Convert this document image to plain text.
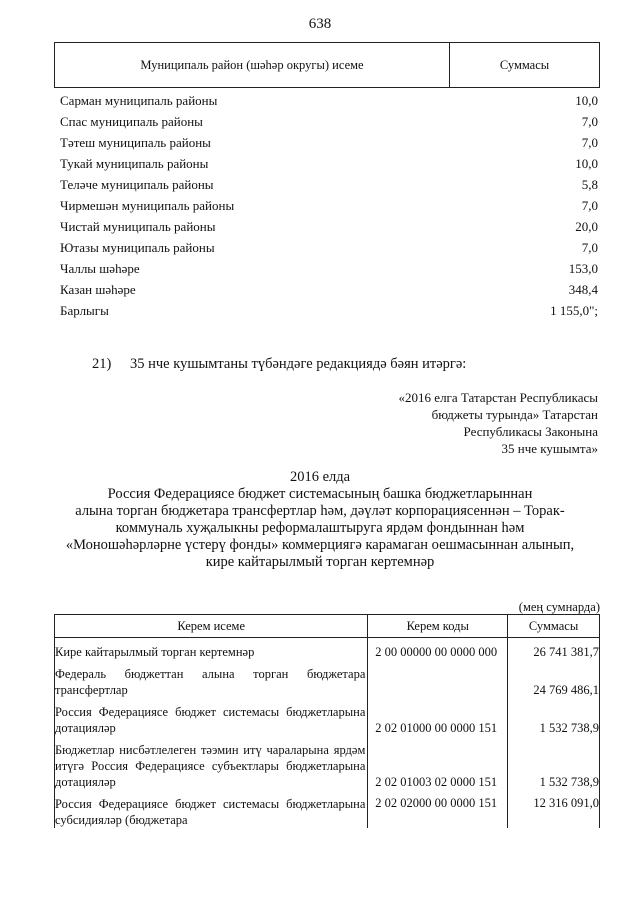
638
Муниципаль район (шәһәр округы) исеме	Суммасы
Сарман муниципаль районы	10,0
Спас муниципаль районы	7,0
Тәтеш муниципаль районы	7,0
Тукай муниципаль районы	10,0
Теләче муниципаль районы	5,8
Чирмешән муниципаль районы	7,0
Чистай муниципаль районы	20,0
Ютазы муниципаль районы	7,0
Чаллы шәһәре	153,0
Казан шәһәре	348,4
Барлыгы	1 155,0";
21) 35 нче кушымтаны түбәндәге редакциядә бәян итәргә:
«2016 елга Татарстан Республикасы
бюджеты турында» Татарстан
Республикасы Законына
35 нче кушымта»
2016 елда
Россия Федерациясе бюджет системасының башка бюджетларыннан
алына торган бюджетара трансфертлар һәм, дәүләт корпорациясеннән – Торак-
коммуналь хуҗалыкны реформалаштыруга ярдәм фондыннан һәм
«Моношәһәрләрне үстерү фонды» коммерциягә карамаган оешмасыннан алынып,
кире кайтарылмый торган кертемнәр
(мең сумнарда)
Керем исеме	Керем коды	Суммасы
Кире кайтарылмый торган кертемнәр	2 00 00000 00 0000 000	26 741 381,7
Федераль бюджеттан алына торган бюджетара трансфертлар		24 769 486,1
Россия Федерациясе бюджет системасы бюджетларына дотацияләр	2 02 01000 00 0000 151	1 532 738,9
Бюджетлар нисбәтлелеген тәэмин итү чараларына ярдәм итүгә Россия Федерациясе субъектлары бюджетларына дотацияләр	2 02 01003 02 0000 151	1 532 738,9
Россия Федерациясе бюджет системасы бюджетларына субсидияләр (бюджетара	2 02 02000 00 0000 151	12 316 091,0
